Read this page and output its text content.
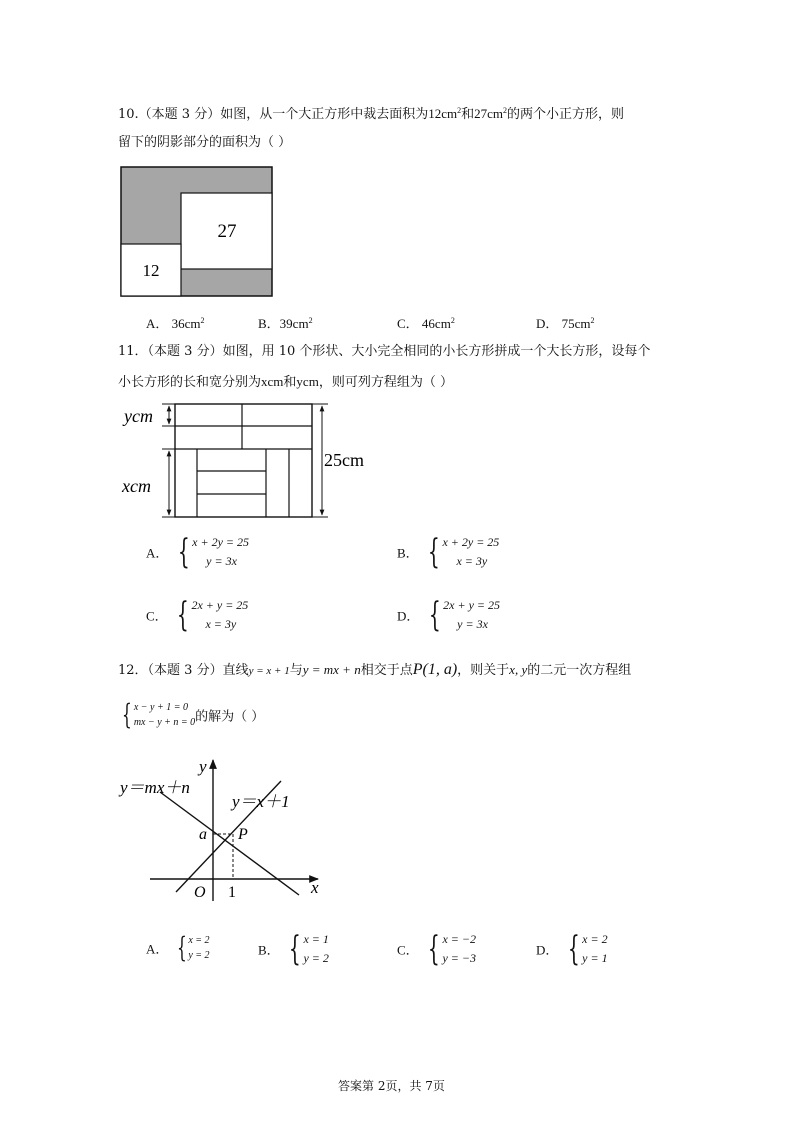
10.（本题 3 分）如图，从一个大正方形中裁去面积为$12cm^2$和$27cm^2$的两个小正方形，则
留下的阴影部分的面积为（ ）
27
12
A． $36cm^2$	B．$39cm^2$	C． $46cm^2$	D． $75cm^2$
11．（本题 3 分）如图，用 10 个形状、大小完全相同的小长方形拼成一个大长方形，设每个
小长方形的长和宽分别为xcm和ycm，则可列方程组为（ ）
ycm
xcm
25cm
A． { x + 2y = 25
y = 3x
B． { x + 2y = 25
x = 3y
C． { 2x + y = 25
x = 3y
D． { 2x + y = 25
y = 3x
12．（本题 3 分）直线y = x + 1与y = mx + n相交于点P(1, a)，则关于x, y的二元一次方程组
{ x − y + 1 = 0
mx − y + n = 0 的解为（ ）
y＝mx＋n
y＝x＋1
y
x
O 1
a P
A． { x = 2
y = 2	B． { x = 1
y = 2
C． { x = −2
y = −3
D． { x = 2
y = 1
答案第 2页，共 7页
